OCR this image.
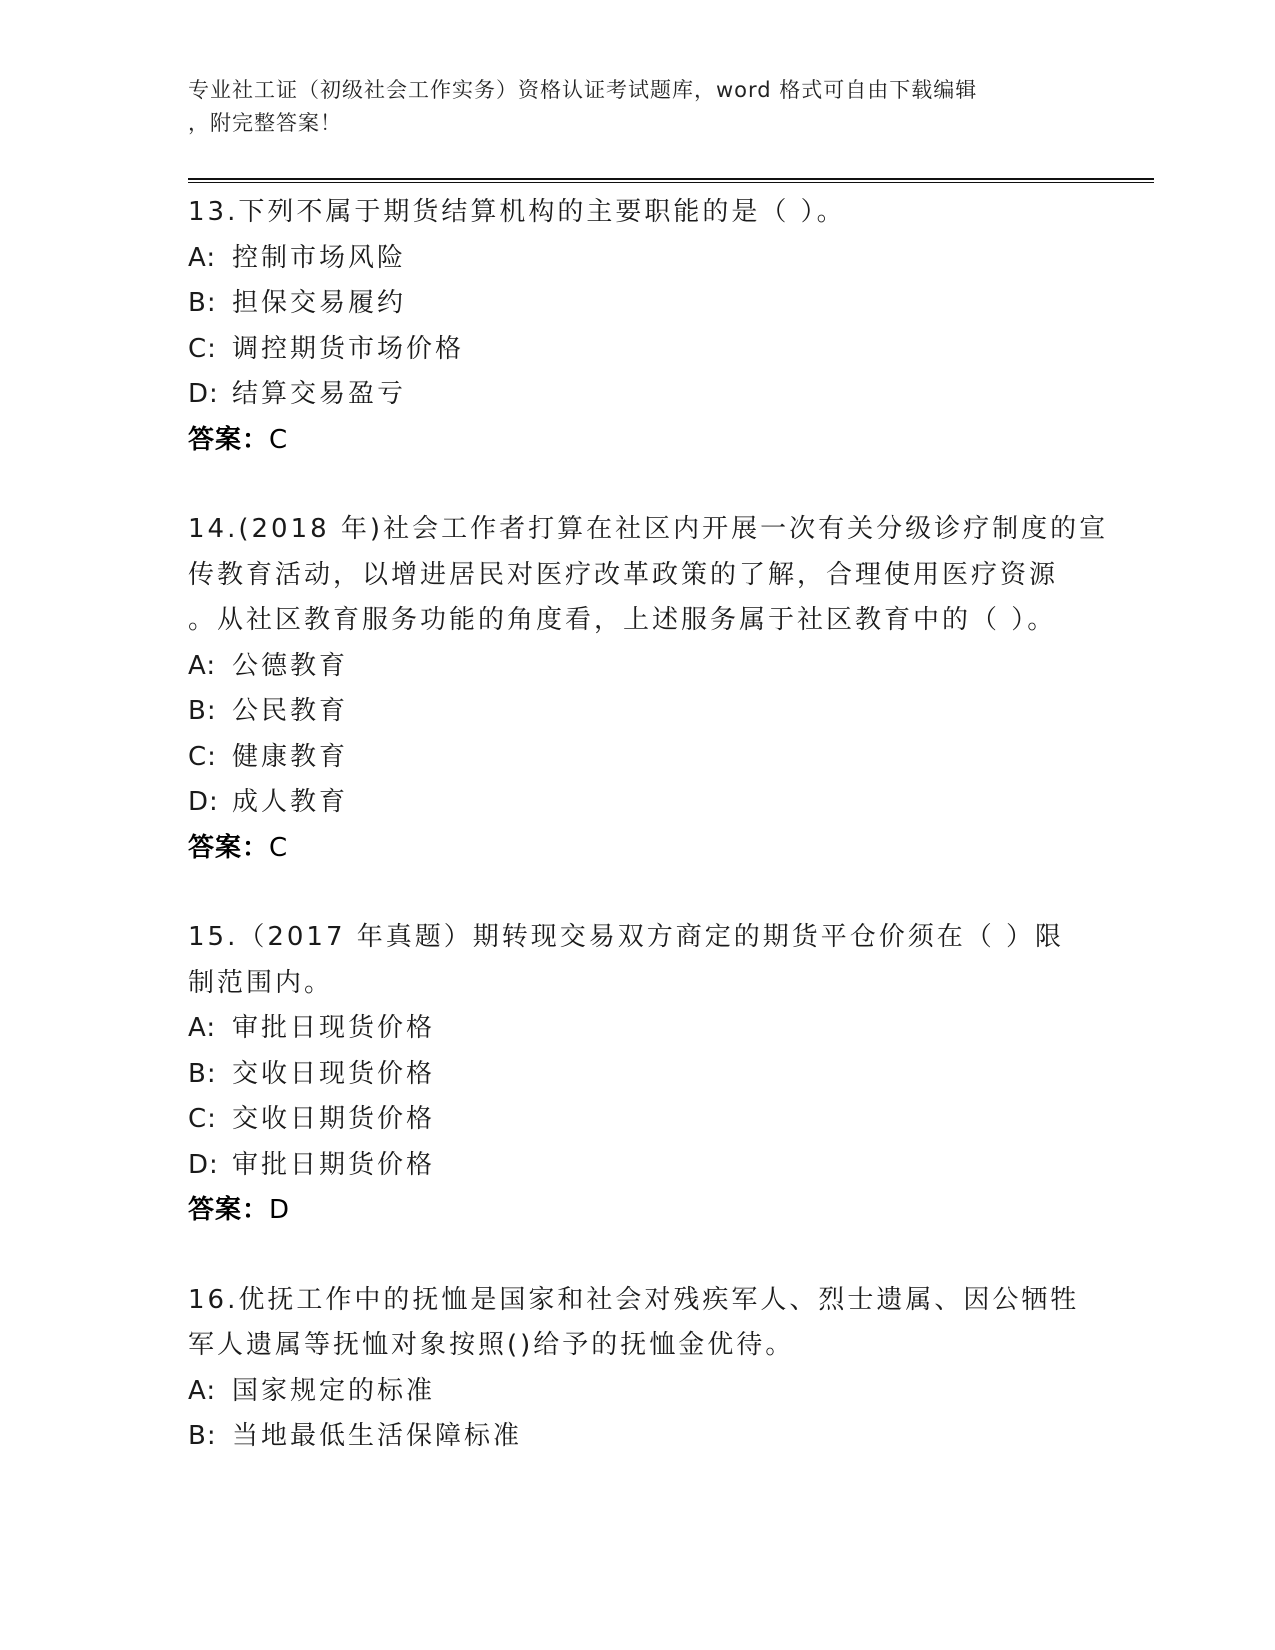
专业社工证（初级社会工作实务）资格认证考试题库，word 格式可自由下载编辑
，附完整答案！
13.下列不属于期货结算机构的主要职能的是（ ）。
A: 控制市场风险
B: 担保交易履约
C: 调控期货市场价格
D: 结算交易盈亏
答案：C
14.(2018 年)社会工作者打算在社区内开展一次有关分级诊疗制度的宣
传教育活动，以增进居民对医疗改革政策的了解，合理使用医疗资源
。从社区教育服务功能的角度看，上述服务属于社区教育中的（ ）。
A: 公德教育
B: 公民教育
C: 健康教育
D: 成人教育
答案：C
15.（2017 年真题）期转现交易双方商定的期货平仓价须在（ ）限
制范围内。
A: 审批日现货价格
B: 交收日现货价格
C: 交收日期货价格
D: 审批日期货价格
答案：D
16.优抚工作中的抚恤是国家和社会对残疾军人、烈士遗属、因公牺牲
军人遗属等抚恤对象按照()给予的抚恤金优待。
A: 国家规定的标准
B: 当地最低生活保障标准
